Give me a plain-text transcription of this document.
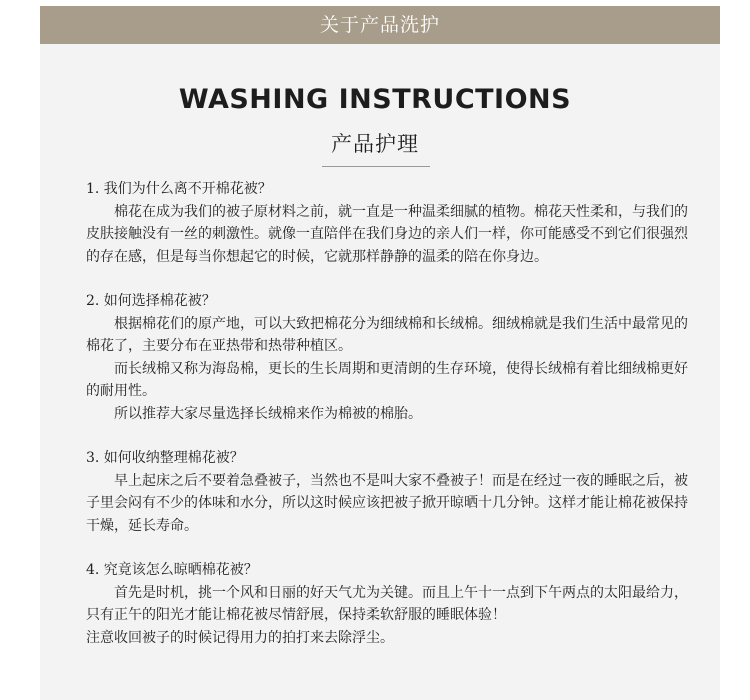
关于产品洗护
WASHING INSTRUCTIONS
产品护理

1. 我们为什么离不开棉花被？

棉花在成为我们的被子原材料之前，就一直是一种温柔细腻的植物。棉花天性柔和，与我们的皮肤接触没有一丝的刺激性。就像一直陪伴在我们身边的亲人们一样，你可能感受不到它们很强烈的存在感，但是每当你想起它的时候，它就那样静静的温柔的陪在你身边。

2. 如何选择棉花被？

根据棉花们的原产地，可以大致把棉花分为细绒棉和长绒棉。细绒棉就是我们生活中最常见的棉花了，主要分布在亚热带和热带种植区。

而长绒棉又称为海岛棉，更长的生长周期和更清朗的生存环境，使得长绒棉有着比细绒棉更好的耐用性。

所以推荐大家尽量选择长绒棉来作为棉被的棉胎。

3. 如何收纳整理棉花被？

早上起床之后不要着急叠被子，当然也不是叫大家不叠被子！而是在经过一夜的睡眠之后，被子里会闷有不少的体味和水分，所以这时候应该把被子掀开晾晒十几分钟。这样才能让棉花被保持干燥，延长寿命。

4. 究竟该怎么晾晒棉花被？

首先是时机，挑一个风和日丽的好天气尤为关键。而且上午十一点到下午两点的太阳最给力，只有正午的阳光才能让棉花被尽情舒展，保持柔软舒服的睡眠体验！

注意收回被子的时候记得用力的拍打来去除浮尘。
